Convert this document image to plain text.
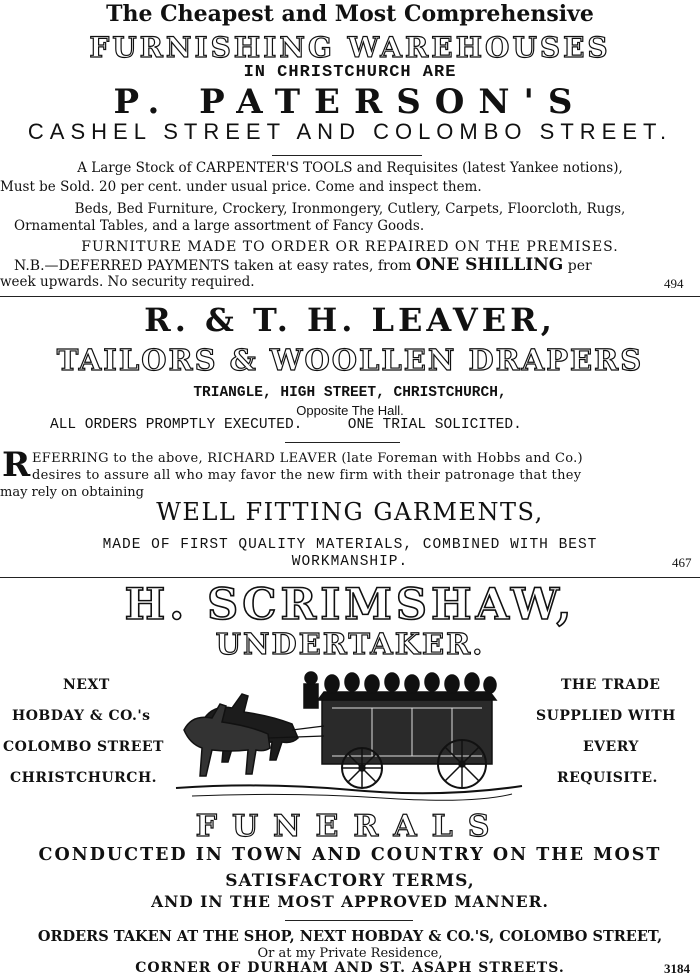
The Cheapest and Most Comprehensive
FURNISHING WAREHOUSES
IN CHRISTCHURCH ARE
P. PATERSON'S
CASHEL STREET AND COLOMBO STREET.
A Large Stock of CARPENTER'S TOOLS and Requisites (latest Yankee notions),
Must be Sold. 20 per cent. under usual price. Come and inspect them.
Beds, Bed Furniture, Crockery, Ironmongery, Cutlery, Carpets, Floorcloth, Rugs,
Ornamental Tables, and a large assortment of Fancy Goods.
FURNITURE MADE TO ORDER OR REPAIRED ON THE PREMISES.
N.B.—DEFERRED PAYMENTS taken at easy rates, from ONE SHILLING per
week upwards. No security required.	494
R. & T. H. LEAVER,
TAILORS & WOOLLEN DRAPERS
TRIANGLE, HIGH STREET, CHRISTCHURCH,
Opposite The Hall.
ALL ORDERS PROMPTLY EXECUTED.	ONE TRIAL SOLICITED.
R EFERRING to the above, RICHARD LEAVER (late Foreman with Hobbs and Co.)
desires to assure all who may favor the new firm with their patronage that they
may rely on obtaining
WELL FITTING GARMENTS,
MADE OF FIRST QUALITY MATERIALS, COMBINED WITH BEST
WORKMANSHIP.	467
H. SCRIMSHAW,
UNDERTAKER.
NEXT
HOBDAY & CO.'s
COLOMBO STREET
CHRISTCHURCH.
THE TRADE
SUPPLIED WITH
EVERY
REQUISITE.
FUNERALS
CONDUCTED IN TOWN AND COUNTRY ON THE MOST
SATISFACTORY TERMS,
AND IN THE MOST APPROVED MANNER.
ORDERS TAKEN AT THE SHOP, NEXT HOBDAY & CO.'S, COLOMBO STREET,
Or at my Private Residence,
CORNER OF DURHAM AND ST. ASAPH STREETS.	3184
